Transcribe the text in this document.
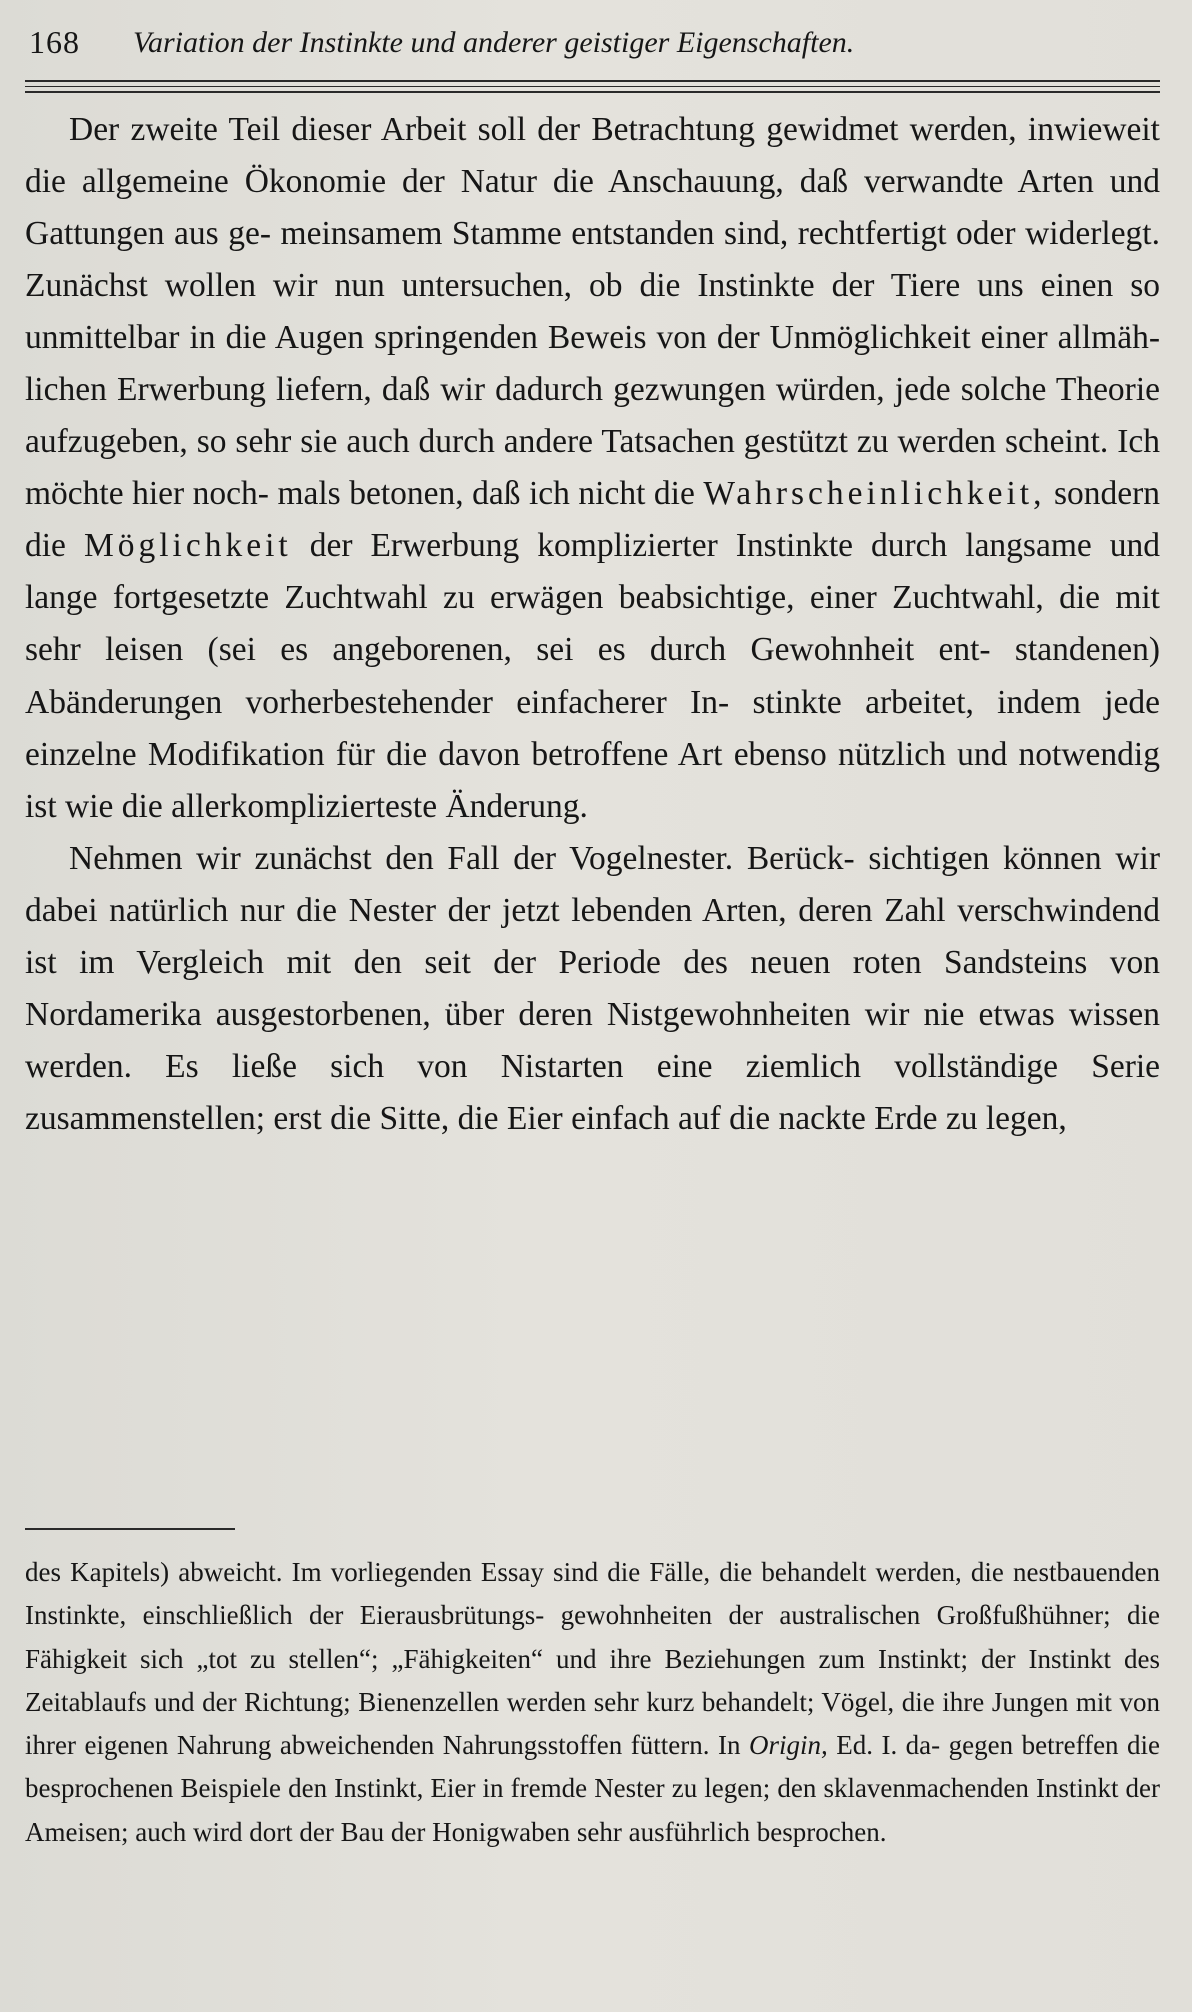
168 Variation der Instinkte und anderer geistiger Eigenschaften.

Der zweite Teil dieser Arbeit soll der Betrachtung gewidmet werden, inwieweit die allgemeine Ökonomie der Natur die Anschauung, daß verwandte Arten und Gattungen aus ge- meinsamem Stamme entstanden sind, rechtfertigt oder widerlegt. Zunächst wollen wir nun untersuchen, ob die Instinkte der Tiere uns einen so unmittelbar in die Augen springenden Beweis von der Unmöglichkeit einer allmäh- lichen Erwerbung liefern, daß wir dadurch gezwungen würden, jede solche Theorie aufzugeben, so sehr sie auch durch andere Tatsachen gestützt zu werden scheint. Ich möchte hier noch- mals betonen, daß ich nicht die Wahrscheinlichkeit, sondern die Möglichkeit der Erwerbung komplizierter Instinkte durch langsame und lange fortgesetzte Zuchtwahl zu erwägen beabsichtige, einer Zuchtwahl, die mit sehr leisen (sei es angeborenen, sei es durch Gewohnheit ent- standenen) Abänderungen vorherbestehender einfacherer In- stinkte arbeitet, indem jede einzelne Modifikation für die davon betroffene Art ebenso nützlich und notwendig ist wie die allerkomplizierteste Änderung.

Nehmen wir zunächst den Fall der Vogelnester. Berück- sichtigen können wir dabei natürlich nur die Nester der jetzt lebenden Arten, deren Zahl verschwindend ist im Vergleich mit den seit der Periode des neuen roten Sandsteins von Nordamerika ausgestorbenen, über deren Nistgewohnheiten wir nie etwas wissen werden. Es ließe sich von Nistarten eine ziemlich vollständige Serie zusammenstellen; erst die Sitte, die Eier einfach auf die nackte Erde zu legen,

des Kapitels) abweicht. Im vorliegenden Essay sind die Fälle, die behandelt werden, die nestbauenden Instinkte, einschließlich der Eierausbrütungs- gewohnheiten der australischen Großfußhühner; die Fähigkeit sich „tot zu stellen“; „Fähigkeiten“ und ihre Beziehungen zum Instinkt; der Instinkt des Zeitablaufs und der Richtung; Bienenzellen werden sehr kurz behandelt; Vögel, die ihre Jungen mit von ihrer eigenen Nahrung abweichenden Nahrungsstoffen füttern. In Origin, Ed. I. da- gegen betreffen die besprochenen Beispiele den Instinkt, Eier in fremde Nester zu legen; den sklavenmachenden Instinkt der Ameisen; auch wird dort der Bau der Honigwaben sehr ausführlich besprochen.
